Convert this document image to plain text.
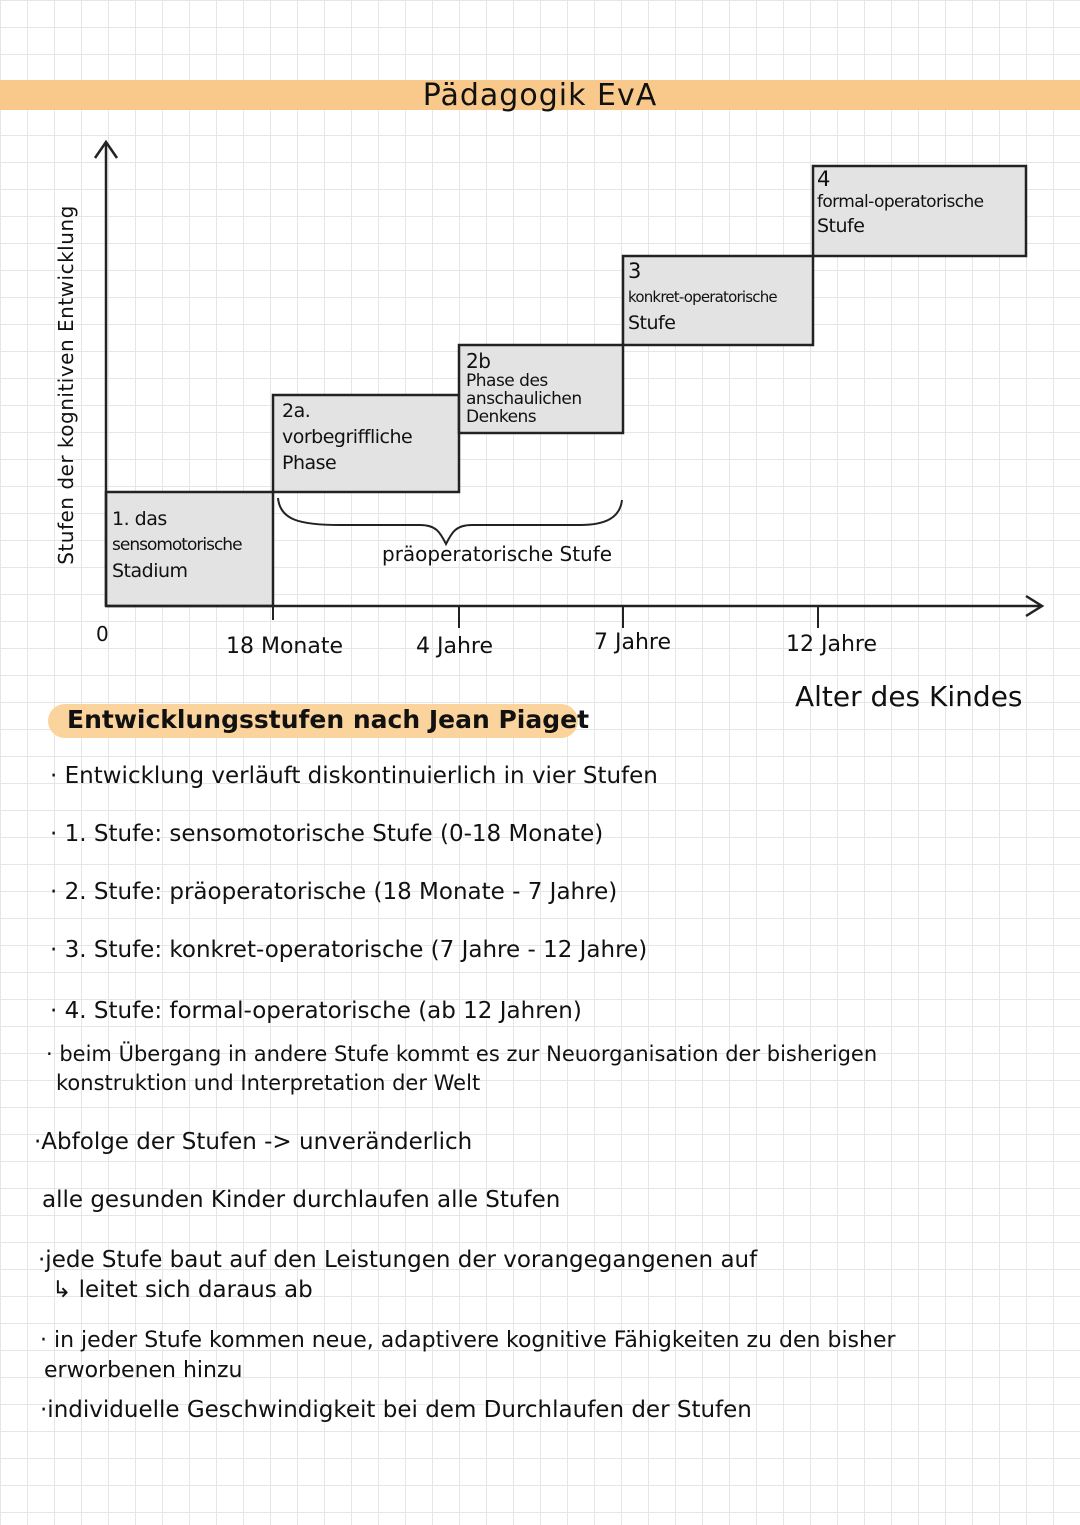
Pädagogik EvA
Stufen der kognitiven Entwicklung
0
1. das
sensomotorische
Stadium
2a.
vorbegriffliche
Phase
2b
Phase des
anschaulichen
Denkens
3
konkret-operatorische
Stufe
4
formal-operatorische
Stufe
präoperatorische Stufe
18 Monate	4 Jahre	7 Jahre	12 Jahre
Alter des Kindes
Entwicklungsstufen nach Jean Piaget
· Entwicklung verläuft diskontinuierlich in vier Stufen
· 1. Stufe: sensomotorische Stufe (0-18 Monate)
· 2. Stufe: präoperatorische (18 Monate - 7 Jahre)
· 3. Stufe: konkret-operatorische (7 Jahre - 12 Jahre)
· 4. Stufe: formal-operatorische (ab 12 Jahren)
· beim Übergang in andere Stufe kommt es zur Neuorganisation der bisherigen
konstruktion und Interpretation der Welt
·Abfolge der Stufen -> unveränderlich
alle gesunden Kinder durchlaufen alle Stufen
·jede Stufe baut auf den Leistungen der vorangegangenen auf
↳ leitet sich daraus ab
· in jeder Stufe kommen neue, adaptivere kognitive Fähigkeiten zu den bisher
erworbenen hinzu
·individuelle Geschwindigkeit bei dem Durchlaufen der Stufen
